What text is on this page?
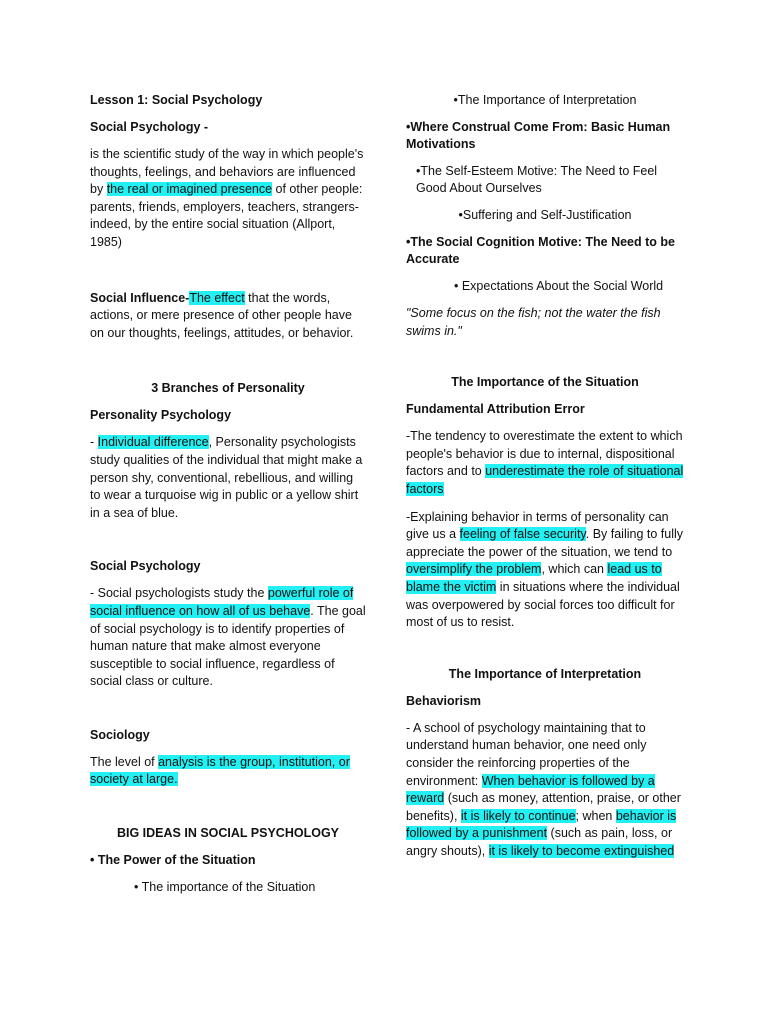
Lesson 1: Social Psychology
Social Psychology -

is the scientific study of the way in which people's thoughts, feelings, and behaviors are influenced by the real or imagined presence of other people: parents, friends, employers, teachers, strangers-indeed, by the entire social situation (Allport, 1985)

Social Influence-The effect that the words, actions, or mere presence of other people have on our thoughts, feelings, attitudes, or behavior.

3 Branches of Personality
Personality Psychology

- Individual difference, Personality psychologists study qualities of the individual that might make a person shy, conventional, rebellious, and willing to wear a turquoise wig in public or a yellow shirt in a sea of blue.

Social Psychology

- Social psychologists study the powerful role of social influence on how all of us behave. The goal of social psychology is to identify properties of human nature that make almost everyone susceptible to social influence, regardless of social class or culture.

Sociology

The level of analysis is the group, institution, or society at large.

BIG IDEAS IN SOCIAL PSYCHOLOGY
• The Power of the Situation

• The importance of the Situation

•The Importance of Interpretation

•Where Construal Come From: Basic Human Motivations

•The Self-Esteem Motive: The Need to Feel Good About Ourselves

•Suffering and Self-Justification

•The Social Cognition Motive: The Need to be Accurate

• Expectations About the Social World

"Some focus on the fish; not the water the fish swims in."

The Importance of the Situation
Fundamental Attribution Error

-The tendency to overestimate the extent to which people's behavior is due to internal, dispositional factors and to underestimate the role of situational factors

-Explaining behavior in terms of personality can give us a feeling of false security. By failing to fully appreciate the power of the situation, we tend to oversimplify the problem, which can lead us to blame the victim in situations where the individual was overpowered by social forces too difficult for most of us to resist.

The Importance of Interpretation
Behaviorism

- A school of psychology maintaining that to understand human behavior, one need only consider the reinforcing properties of the environment: When behavior is followed by a reward (such as money, attention, praise, or other benefits), it is likely to continue; when behavior is followed by a punishment (such as pain, loss, or angry shouts), it is likely to become extinguished
